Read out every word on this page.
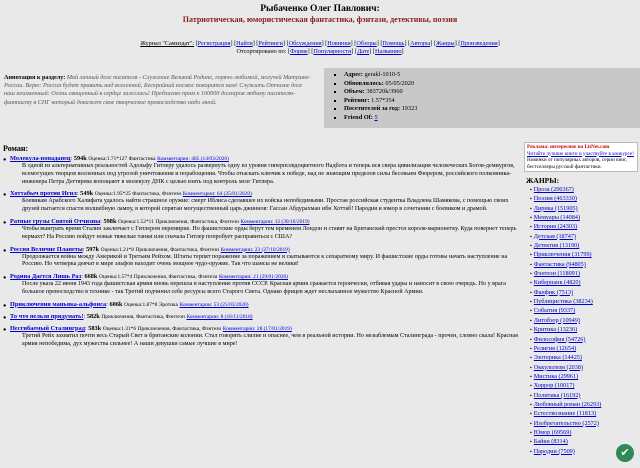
Рыбаченко Олег Павлович:
Патриотическая, юмористическая фантастика, фэнтази, детективы, поэзия
Журнал "Самиздат": [Регистрация] [Найти] [Рейтинги] [Обсуждения] [Новинки] [Обзоры] [Помощь] [Авторы] [Жанры] [Произведения]
Отсортировано по: [Форме] [Популярности] [Дате] [Названию]
Аннотация к разделу: Мой личный долг писателя - Служение Великой Родине, горячо любимой, могучей Матушке-России. Верю: Россия будет править над вселенной, Бескрайний космос покорится нам! Служить Отчизне долг наш неизменный: Огонь священный в сердце зажглась! Предлагаю прям к 100000 долларов любому писателю-фантасту в СНГ который докажет свое творческое превосходство надо мной.
▪ Адрес: gerakl-1010-5
▪ Обновлялось: 05/05/2020
▪ Объем: 383720k/3960
▪ Рейтинг: 1.57*354
▪ Посетителей за год: 19323
▪ Friend Of: 5
Роман:
● Молекула-попаданец: 594k Оценка:1.71*127 Фантастика Комментарии: 485 (14/03/2020)
В одной из альтернативных реальностей Адольфу Гитлеру удалось развернуть одну из уровня гиперпсевдоцветного Надбота и теперь вся свера цивилизация человеческих Богов-демиургов, всемогущих творцов вселенных под угрозой уничтожения и порабощения. Чтобы отыскать ключик к победе, над не знающим пределов силы бесовьим Фюрером, российского полковника-инженера Петра Дегтярева вопощают в молекулу ДНК с целью взять под контроль мозг Гитлера.
● Хоттабыч против Игил: 549k Оценка:1.95*25 Фантастика, Фэнтези Комментарии: 64 (25/01/2020)
Боевикам Арабского Халифата удалось найти страшное оружие: смерт Иблиса сделавшее их войска непобедимыми. Простая российская студентка Владлена Шамякова, с помощью своих друзей пытается спасти волшебную лампу, в которой спрятан могущественный царь джиннов: Гассан Абдурахман ибн Хоттаб! Пародия и юмор в сочетании с боевиком и драмой.
● Ратные грузы Святой Отчизны: 598k Оценка:1.52*11 Приключения, Фантастика, Фэнтези Комментарии: 12 (30/10/2019)
Чтобы выиграть время Сталин заключает с Гитлером перемирие. Но фашистские орды берут тем временем Лондон и ставят на Британский престол короля-марионетку. Куда повернет теперь вермахт? На Россию пойдут новые тяжелые танки или сначала Гитлер попробует расправиться с США?
● Россия Величие Планеты: 597k Оценка:1.21*8 Приключения, Фантастика, Фэнтези Комментарии: 23 (27/10/2019)
Продолжается война между Америкой и Третьим Рейхом. Штаты терпят поражение за поражением и скатываются к сепаратному миру. И фашистские орды готовы начать наступление на Россию. Но четверка девчат в мире эльфов находит очень мощное чудо-оружие. Так что шансы не велики!
● Родина Дается Лишь Раз: 668k Оценка:1.57*4 Приключения, Фантастика, Фэнтези Комментарии: 21 (29/01/2020)
После указа 22 июня 1943 года фашистская армия вновь перешла в наступление против СССР. Красная армия сражается героически, отбивая удары и наносит в свою очередь. Но у врага большое превосходство в технике - так Третий подчинил себе ресурсы всего Старого Света. Однако фрицев ждет неслыханное мужество Красной Армии.
● Приключения маньяка-альфонса: 606k Оценка:1.87*8 Эротика Комментарии: 53 (25/03/2020)
● То что нельзя придумать!: 582k Приключения, Фантастика, Фэнтези Комментарии: 8 (16/11/2018)
● Несгибаемый Сталинград: 583k Оценка:1.31*6 Приключения, Фантастика, Фэнтези Комментарии: 28 (17/01/2019)
Третий Рейх захватил почти весь Старый Свет и британские колонии. Стал говорить слилие и опаснее, чем в реальной истории. Но незыблемым Сталинграда - прочен, словно скала! Красная армия непобедима, дух мужества сильнее! А наши девушки самые лучшие в мире!
Реклама: интересное на LitNet.com
Читайте лучшие книги и участвуйте в конкурсе! Новинки от популярных авторов, серии книг, бестселлеры русской фантастики.
ЖАНРЫ:
▪ Проза (200367)
▪ Поэзия (463330)
▪ Лирика (151905)
▪ Мемуары (14084)
▪ История (24303)
▪ Детская (18747)
▪ Детектив (13190)
▪ Приключения (31799)
▪ Фантастика (94805)
▪ Фэнтези (118091)
▪ Киберпанк (4820)
▪ Фанфик (7513)
▪ Публицистика (38234)
▪ События (9337)
▪ Литобзор (10949)
▪ Критика (13236)
▪ Философия (54726)
▪ Религия (12654)
▪ Эзотерика (14425)
▪ Оккультизм (2038)
▪ Мистика (29961)
▪ Хоррор (10017)
▪ Политика (16192)
▪ Любовный роман (26293)
▪ Естествознание (11813)
▪ Изобретательство (2572)
▪ Юмор (69569)
▪ Байки (8314)
▪ Пародии (7509)	✔
